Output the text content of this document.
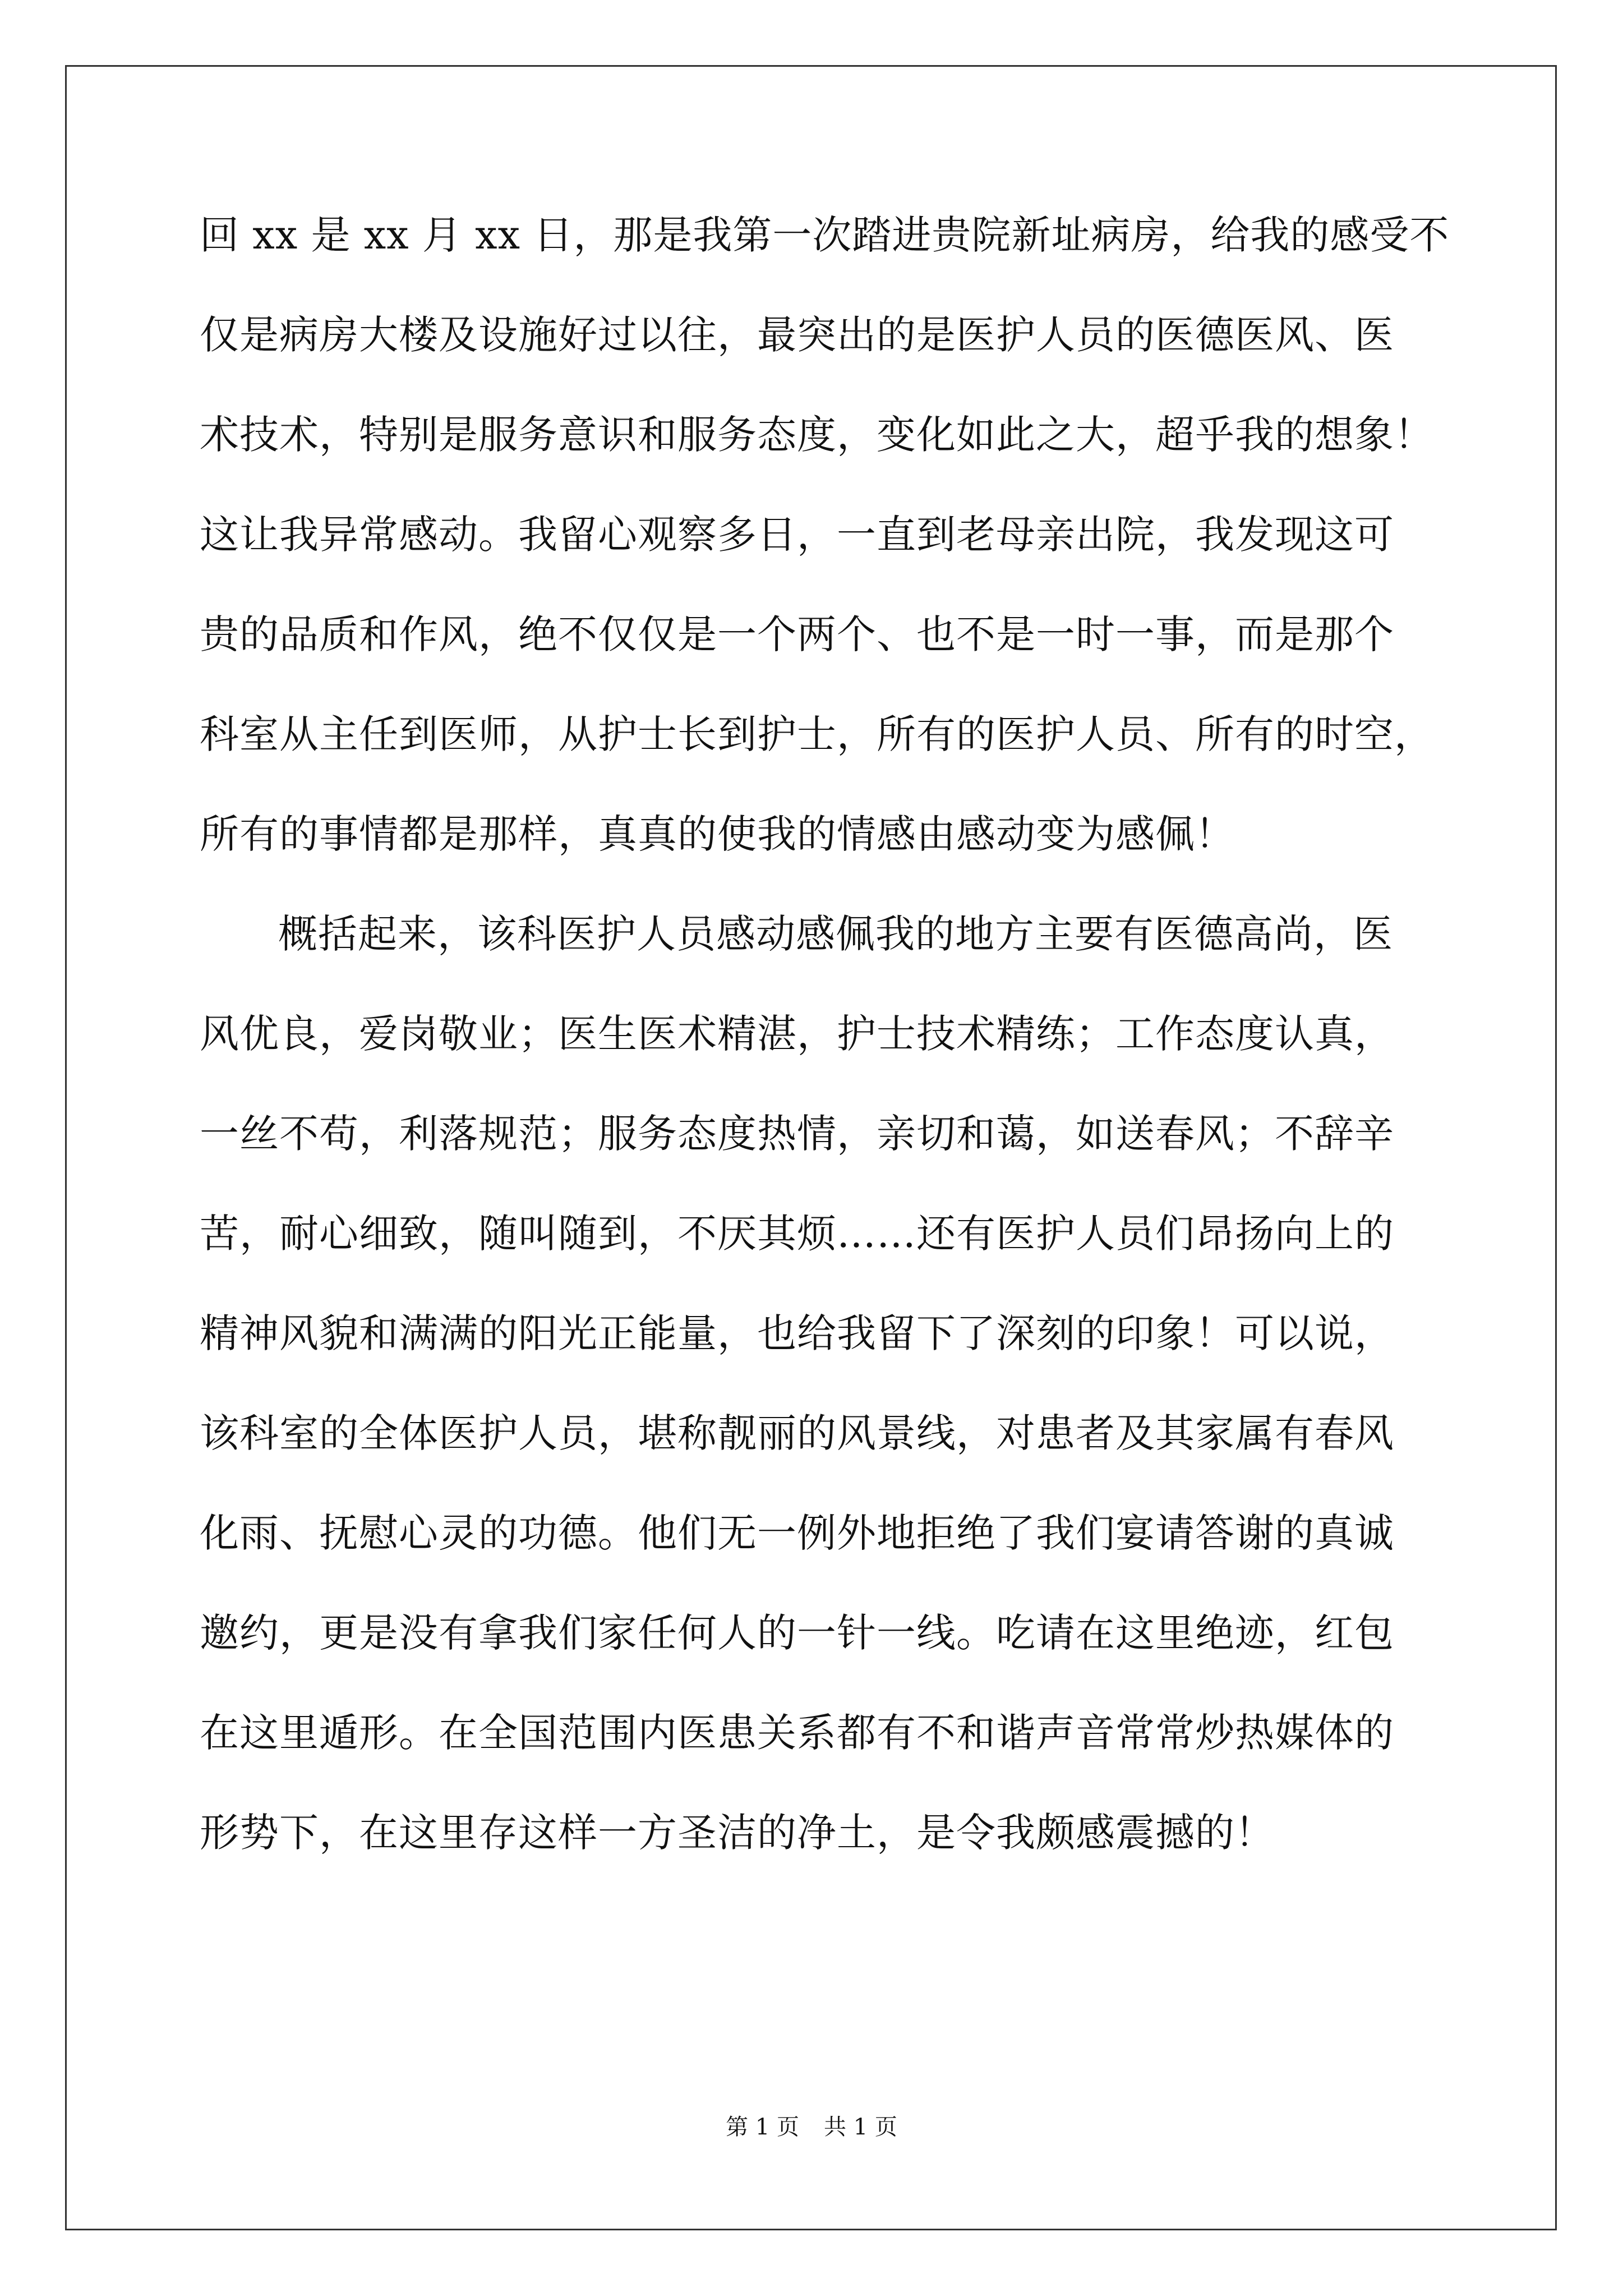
回 xx 是 xx 月 xx 日，那是我第一次踏进贵院新址病房，给我的感受不
仅是病房大楼及设施好过以往，最突出的是医护人员的医德医风、医
术技术，特别是服务意识和服务态度，变化如此之大，超乎我的想象！
这让我异常感动。我留心观察多日，一直到老母亲出院，我发现这可
贵的品质和作风，绝不仅仅是一个两个、也不是一时一事，而是那个
科室从主任到医师，从护士长到护士，所有的医护人员、所有的时空，
所有的事情都是那样，真真的使我的情感由感动变为感佩！
概括起来，该科医护人员感动感佩我的地方主要有医德高尚，医
风优良，爱岗敬业；医生医术精湛，护士技术精练；工作态度认真，
一丝不苟，利落规范；服务态度热情，亲切和蔼，如送春风；不辞辛
苦，耐心细致，随叫随到，不厌其烦……还有医护人员们昂扬向上的
精神风貌和满满的阳光正能量，也给我留下了深刻的印象！可以说，
该科室的全体医护人员，堪称靓丽的风景线，对患者及其家属有春风
化雨、抚慰心灵的功德。他们无一例外地拒绝了我们宴请答谢的真诚
邀约，更是没有拿我们家任何人的一针一线。吃请在这里绝迹，红包
在这里遁形。在全国范围内医患关系都有不和谐声音常常炒热媒体的
形势下，在这里存这样一方圣洁的净土，是令我颇感震撼的！
第 1 页 共 1 页
